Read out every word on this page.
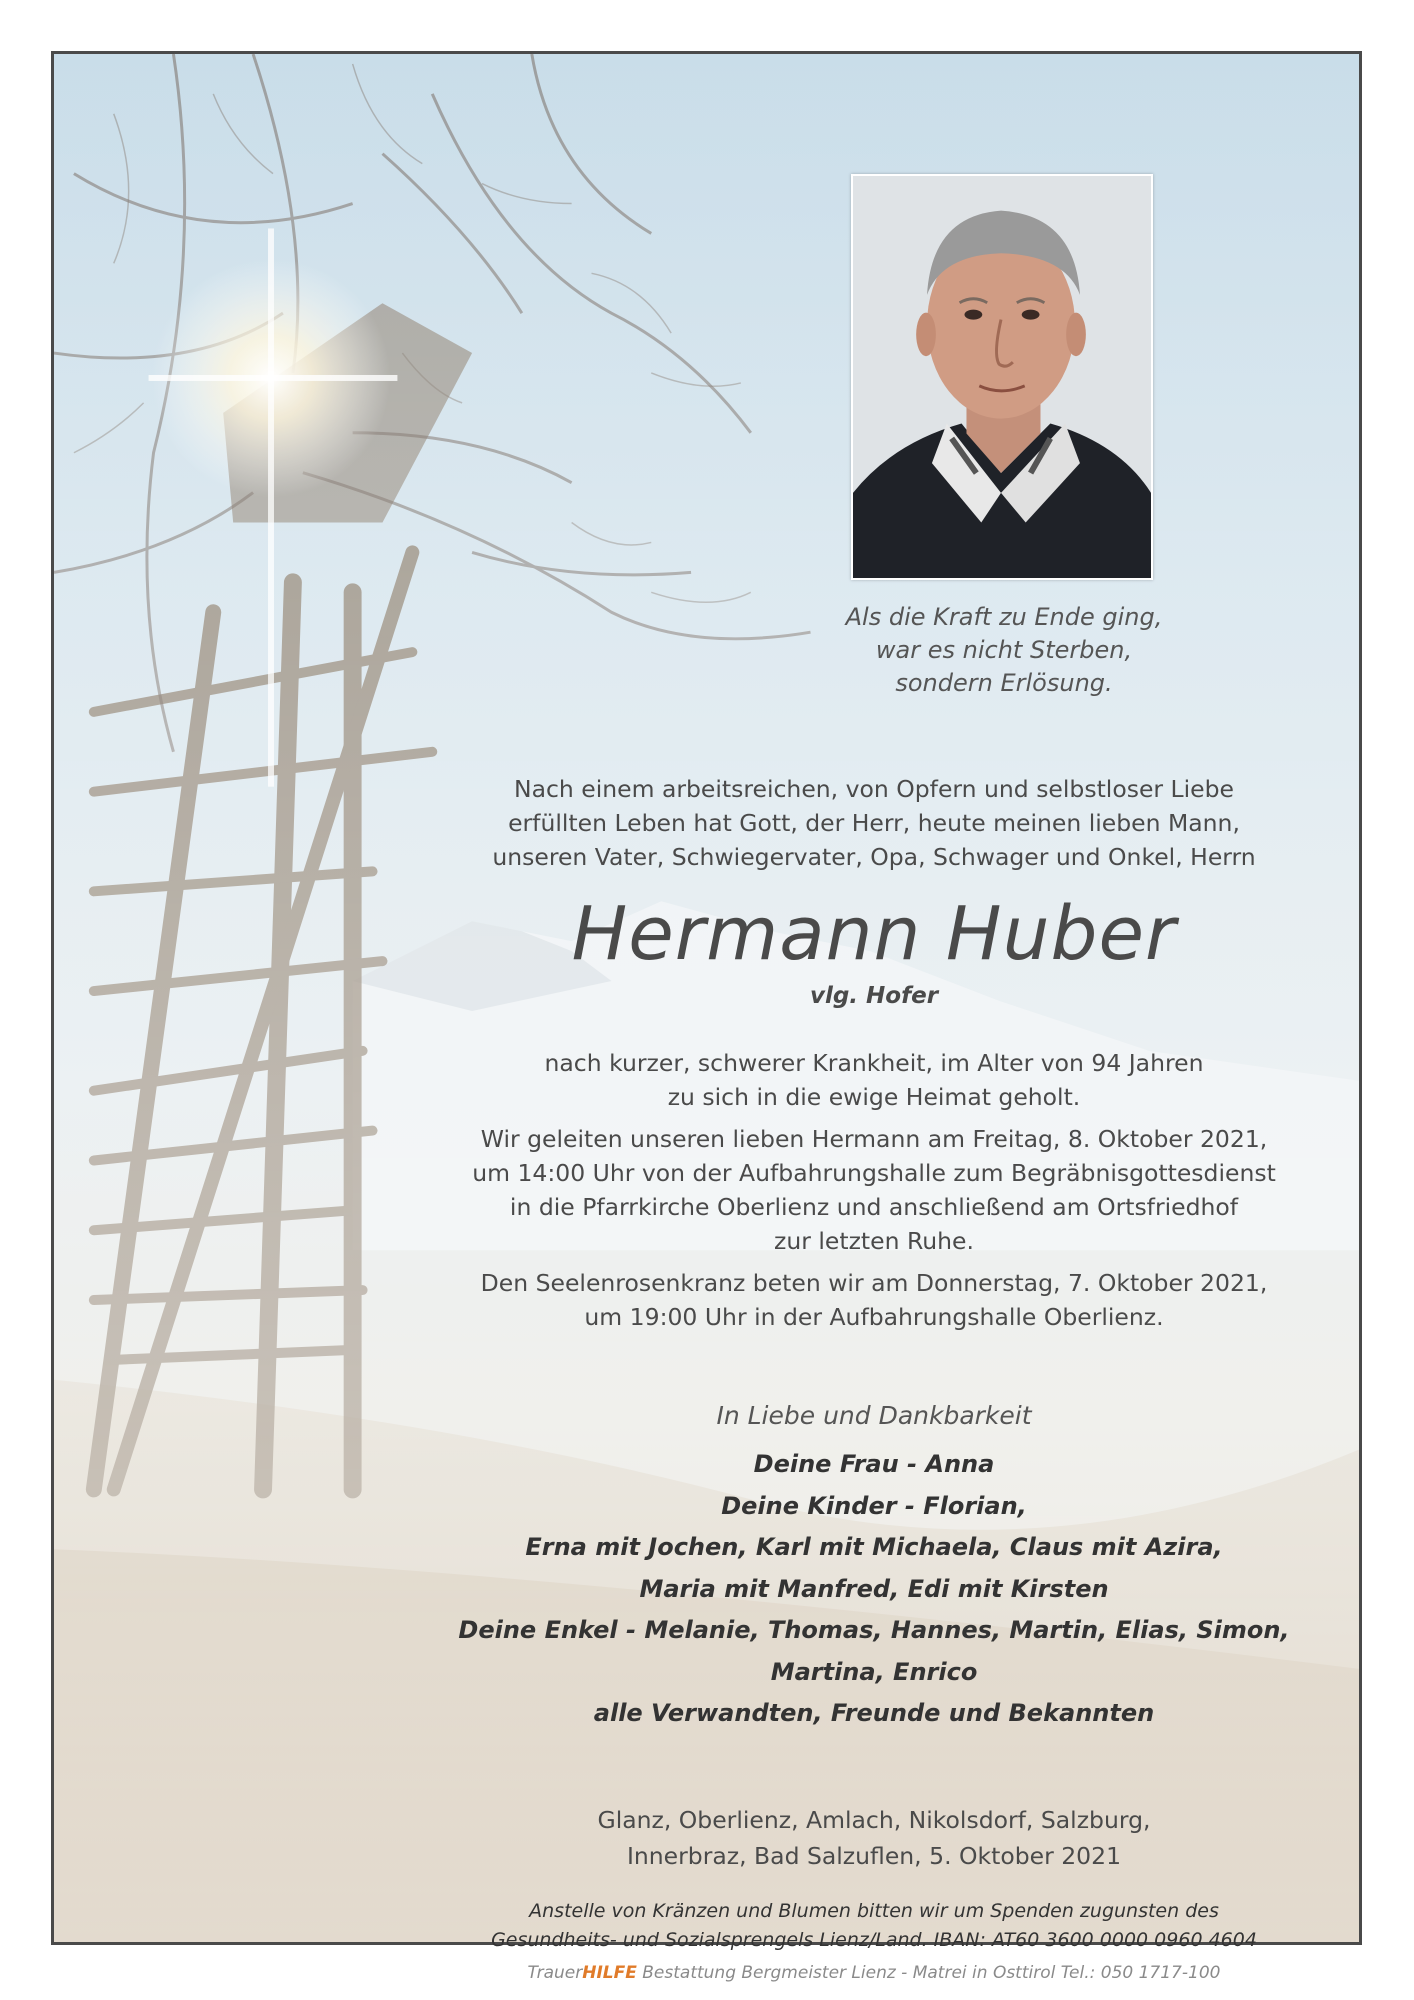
Als die Kraft zu Ende ging,
war es nicht Sterben,
sondern Erlösung.
Nach einem arbeitsreichen, von Opfern und selbstloser Liebe
erfüllten Leben hat Gott, der Herr, heute meinen lieben Mann,
unseren Vater, Schwiegervater, Opa, Schwager und Onkel, Herrn
Hermann Huber
vlg. Hofer
nach kurzer, schwerer Krankheit, im Alter von 94 Jahren
zu sich in die ewige Heimat geholt.
Wir geleiten unseren lieben Hermann am Freitag, 8. Oktober 2021,
um 14:00 Uhr von der Aufbahrungshalle zum Begräbnisgottesdienst
in die Pfarrkirche Oberlienz und anschließend am Ortsfriedhof
zur letzten Ruhe.
Den Seelenrosenkranz beten wir am Donnerstag, 7. Oktober 2021,
um 19:00 Uhr in der Aufbahrungshalle Oberlienz.
In Liebe und Dankbarkeit
Deine Frau - Anna
Deine Kinder - Florian,
Erna mit Jochen, Karl mit Michaela, Claus mit Azira,
Maria mit Manfred, Edi mit Kirsten
Deine Enkel - Melanie, Thomas, Hannes, Martin, Elias, Simon,
Martina, Enrico
alle Verwandten, Freunde und Bekannten
Glanz, Oberlienz, Amlach, Nikolsdorf, Salzburg,
Innerbraz, Bad Salzuflen, 5. Oktober 2021
Anstelle von Kränzen und Blumen bitten wir um Spenden zugunsten des
Gesundheits- und Sozialsprengels Lienz/Land. IBAN: AT60 3600 0000 0960 4604
TrauerHILFE Bestattung Bergmeister Lienz - Matrei in Osttirol Tel.: 050 1717-100
